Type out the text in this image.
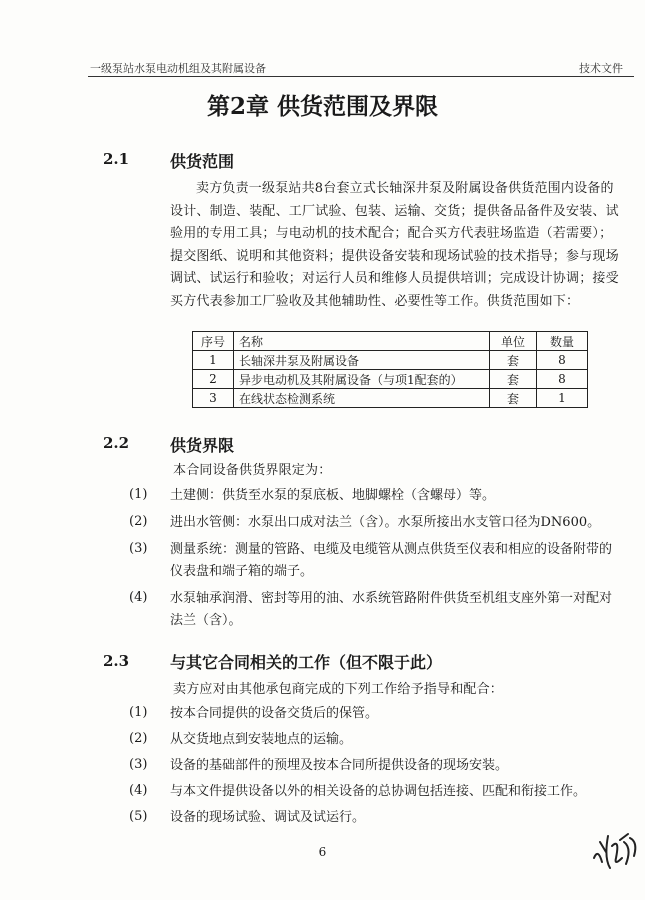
一级泵站水泵电动机组及其附属设备	技术文件
第2章 供货范围及界限
2.1	供货范围
卖方负责一级泵站共8台套立式长轴深井泵及附属设备供货范围内设备的设计、制造、装配、工厂试验、包装、运输、交货；提供备品备件及安装、试验用的专用工具；与电动机的技术配合；配合买方代表驻场监造（若需要）；提交图纸、说明和其他资料；提供设备安装和现场试验的技术指导；参与现场调试、试运行和验收；对运行人员和维修人员提供培训；完成设计协调；接受买方代表参加工厂验收及其他辅助性、必要性等工作。供货范围如下：
序号	名称	单位	数量
1	长轴深井泵及附属设备	套	8
2	异步电动机及其附属设备（与项1配套的）	套	8
3	在线状态检测系统	套	1
2.2	供货界限
本合同设备供货界限定为：
(1) 土建侧：供货至水泵的泵底板、地脚螺栓（含螺母）等。
(2) 进出水管侧：水泵出口成对法兰（含）。水泵所接出水支管口径为DN600。
(3) 测量系统：测量的管路、电缆及电缆管从测点供货至仪表和相应的设备附带的仪表盘和端子箱的端子。
(4) 水泵轴承润滑、密封等用的油、水系统管路附件供货至机组支座外第一对配对法兰（含）。
2.3	与其它合同相关的工作（但不限于此）
卖方应对由其他承包商完成的下列工作给予指导和配合：
(1) 按本合同提供的设备交货后的保管。
(2) 从交货地点到安装地点的运输。
(3) 设备的基础部件的预埋及按本合同所提供设备的现场安装。
(4) 与本文件提供设备以外的相关设备的总协调包括连接、匹配和衔接工作。
(5) 设备的现场试验、调试及试运行。
6
